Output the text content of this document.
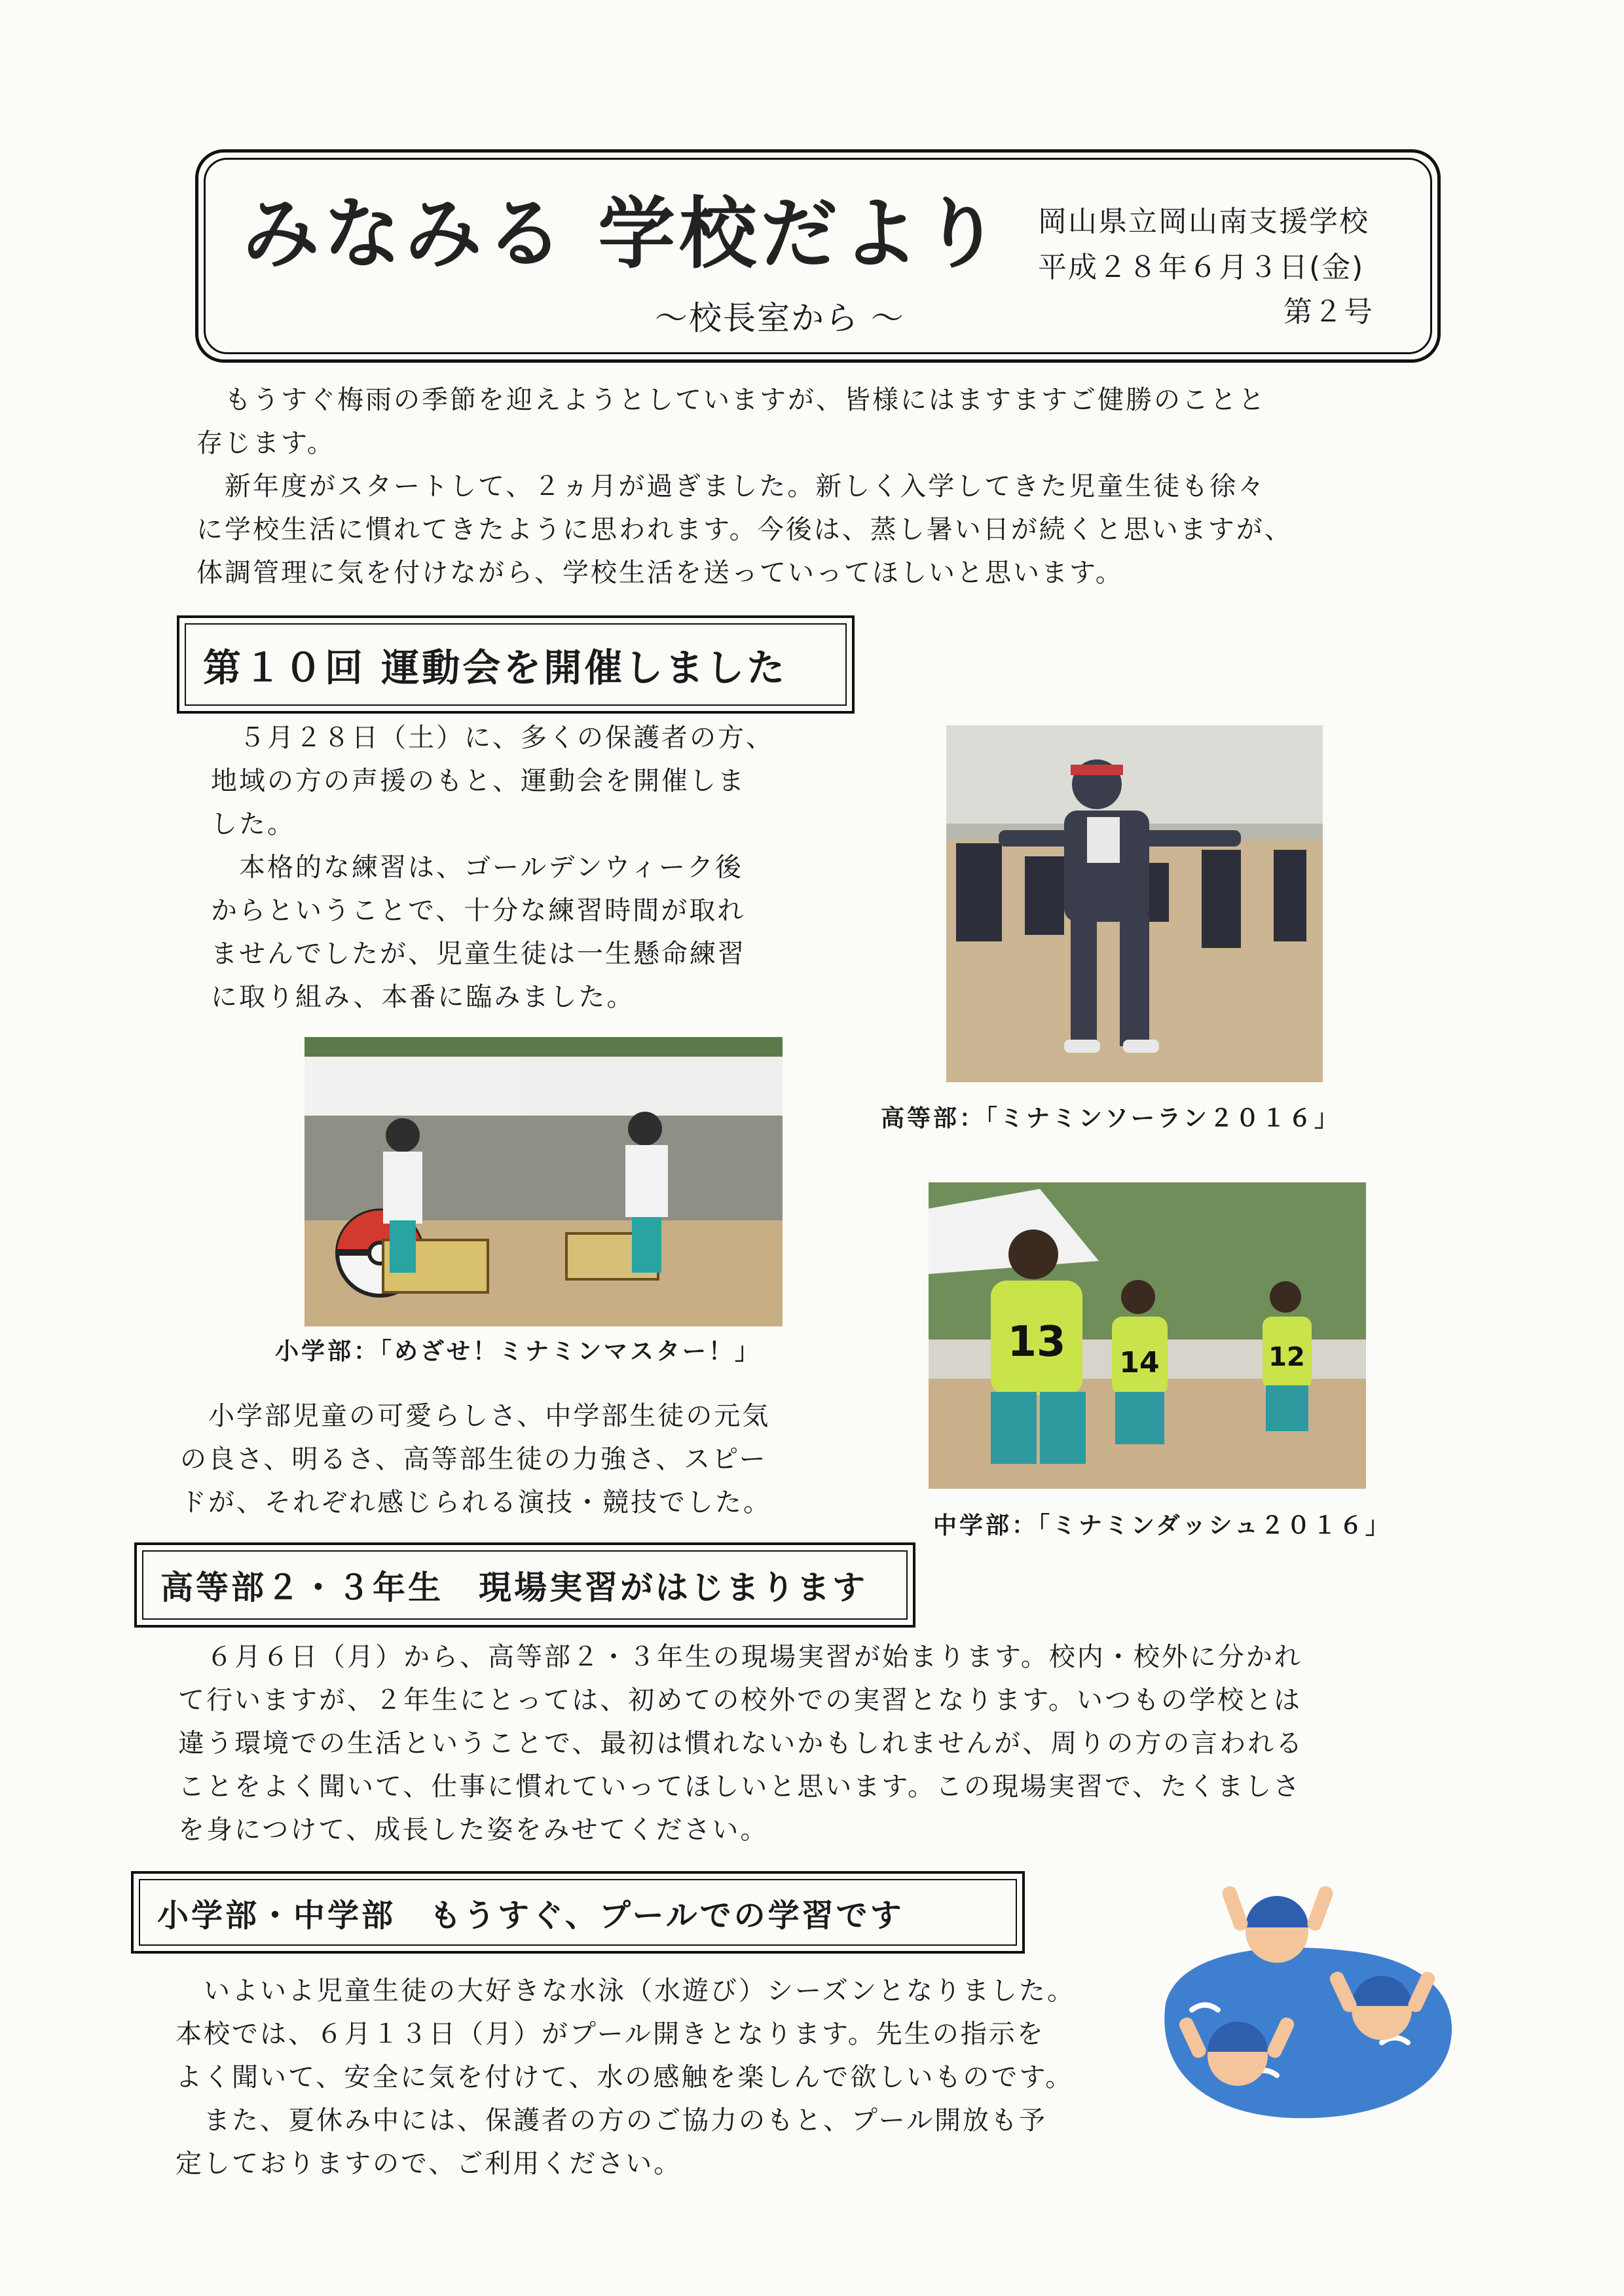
みなみる 学校だより
～校長室から ～
岡山県立岡山南支援学校
平成２８年６月３日(金)
第２号

　もうすぐ梅雨の季節を迎えようとしていますが、皆様にはますますご健勝のことと

存じます。

　新年度がスタートして、２ヵ月が過ぎました。新しく入学してきた児童生徒も徐々

に学校生活に慣れてきたように思われます。今後は、蒸し暑い日が続くと思いますが、

体調管理に気を付けながら、学校生活を送っていってほしいと思います。

第１０回 運動会を開催しました

　５月２８日（土）に、多くの保護者の方、

地域の方の声援のもと、運動会を開催しま

した。

　本格的な練習は、ゴールデンウィーク後

からということで、十分な練習時間が取れ

ませんでしたが、児童生徒は一生懸命練習

に取り組み、本番に臨みました。

高等部：「ミナミンソーラン２０１６」
小学部：「めざせ！ミナミンマスター！」	13 14	12
中学部：「ミナミンダッシュ２０１６」

　小学部児童の可愛らしさ、中学部生徒の元気

の良さ、明るさ、高等部生徒の力強さ、スピー

ドが、それぞれ感じられる演技・競技でした。

高等部２・３年生　現場実習がはじまります

　６月６日（月）から、高等部２・３年生の現場実習が始まります。校内・校外に分かれ

て行いますが、２年生にとっては、初めての校外での実習となります。いつもの学校とは

違う環境での生活ということで、最初は慣れないかもしれませんが、周りの方の言われる

ことをよく聞いて、仕事に慣れていってほしいと思います。この現場実習で、たくましさ

を身につけて、成長した姿をみせてください。

小学部・中学部　もうすぐ、プールでの学習です

　いよいよ児童生徒の大好きな水泳（水遊び）シーズンとなりました。

本校では、６月１３日（月）がプール開きとなります。先生の指示を

よく聞いて、安全に気を付けて、水の感触を楽しんで欲しいものです。

　また、夏休み中には、保護者の方のご協力のもと、プール開放も予

定しておりますので、ご利用ください。
